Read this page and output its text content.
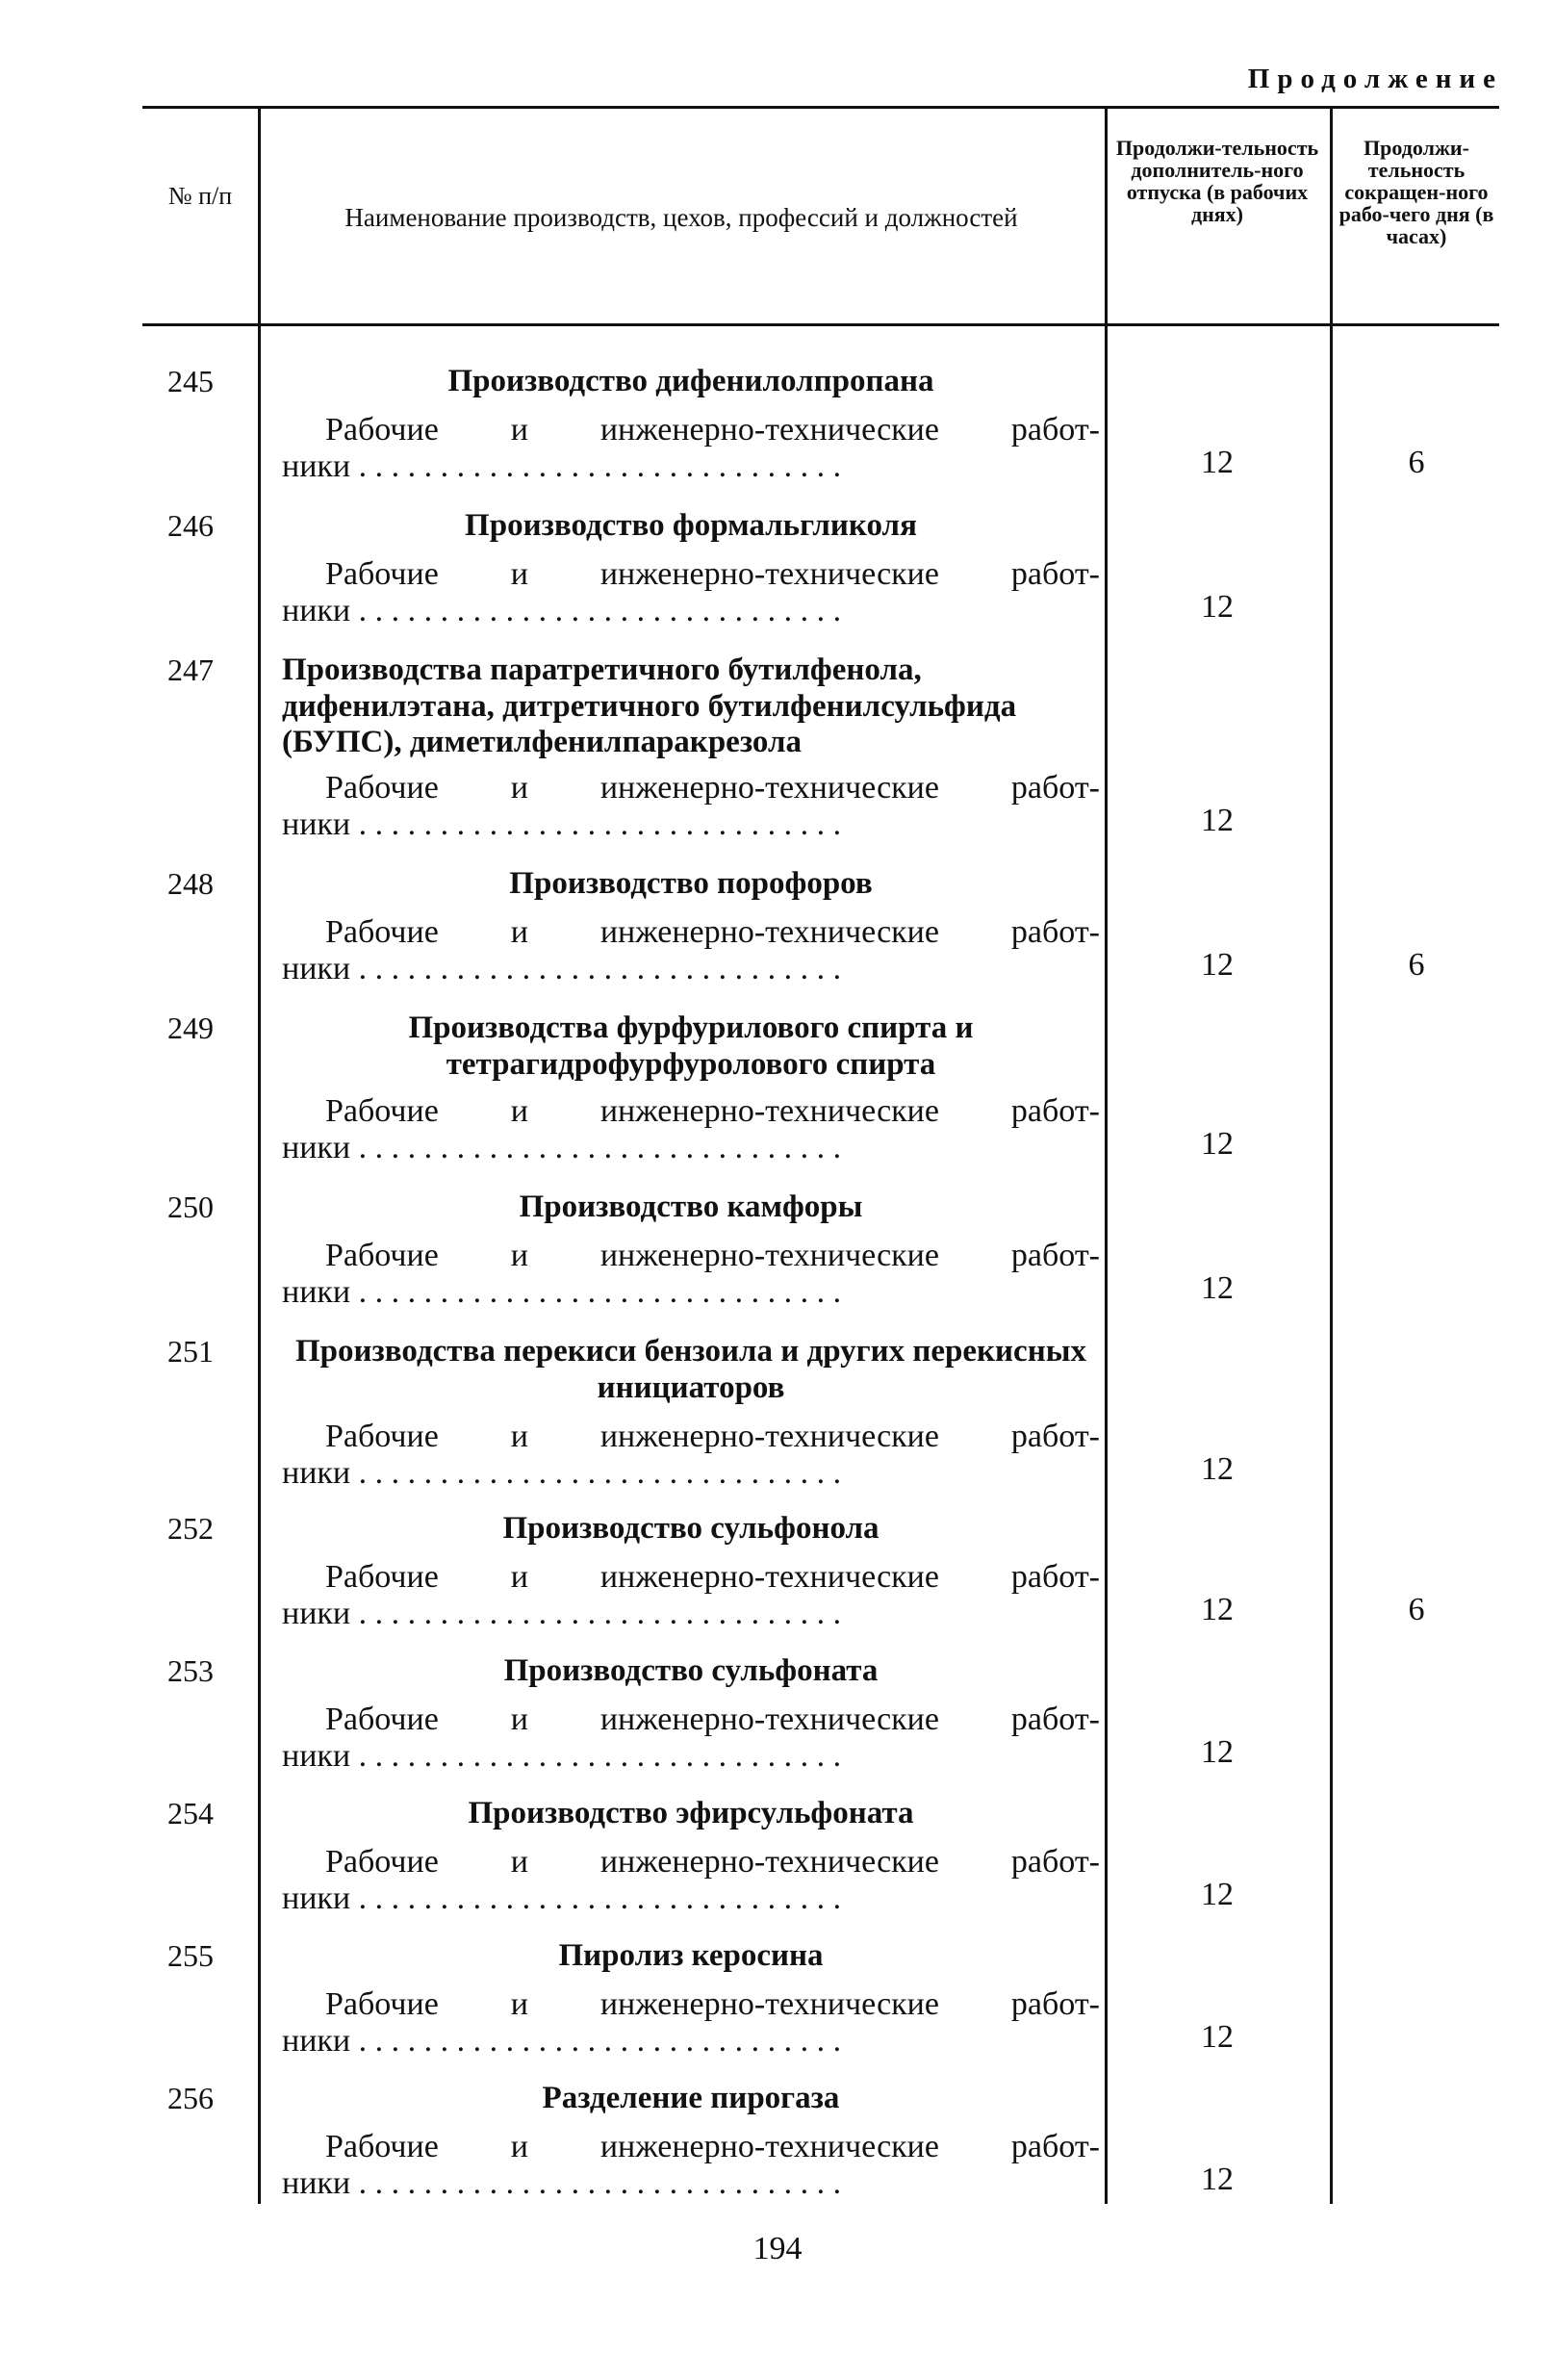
Продолжение
№ п/п
Наименование производств, цехов, профессий и должностей
Продолжи-тельность дополнитель-ного отпуска (в рабочих днях)
Продолжи-тельность сокращен-ного рабо-чего дня (в часах)
245	Производство дифенилолпропана
Рабочие и инженерно-технические работ-
ники . . . . . . . . . . . . . . . . . . . . . . . . . . . . . .	12	6
246	Производство формальгликоля
Рабочие и инженерно-технические работ-
ники . . . . . . . . . . . . . . . . . . . . . . . . . . . . . .	12
247	Производства паратретичного бутилфенола, дифенилэтана, дитретичного бутилфенилсульфида (БУПС), диметилфенилпаракрезола
Рабочие и инженерно-технические работ-
ники . . . . . . . . . . . . . . . . . . . . . . . . . . . . . .	12
248	Производство порофоров
Рабочие и инженерно-технические работ-
ники . . . . . . . . . . . . . . . . . . . . . . . . . . . . . .	12	6
249	Производства фурфурилового спирта и тетрагидрофурфуролового спирта
Рабочие и инженерно-технические работ-
ники . . . . . . . . . . . . . . . . . . . . . . . . . . . . . .	12
250	Производство камфоры
Рабочие и инженерно-технические работ-
ники . . . . . . . . . . . . . . . . . . . . . . . . . . . . . .	12
251	Производства перекиси бензоила и других перекисных инициаторов
Рабочие и инженерно-технические работ-
ники . . . . . . . . . . . . . . . . . . . . . . . . . . . . . .	12
252	Производство сульфонола
Рабочие и инженерно-технические работ-
ники . . . . . . . . . . . . . . . . . . . . . . . . . . . . . .	12	6
253	Производство сульфоната
Рабочие и инженерно-технические работ-
ники . . . . . . . . . . . . . . . . . . . . . . . . . . . . . .	12
254	Производство эфирсульфоната
Рабочие и инженерно-технические работ-
ники . . . . . . . . . . . . . . . . . . . . . . . . . . . . . .	12
255	Пиролиз керосина
Рабочие и инженерно-технические работ-
ники . . . . . . . . . . . . . . . . . . . . . . . . . . . . . .	12
256	Разделение пирогаза
Рабочие и инженерно-технические работ-
ники . . . . . . . . . . . . . . . . . . . . . . . . . . . . . .	12
194
